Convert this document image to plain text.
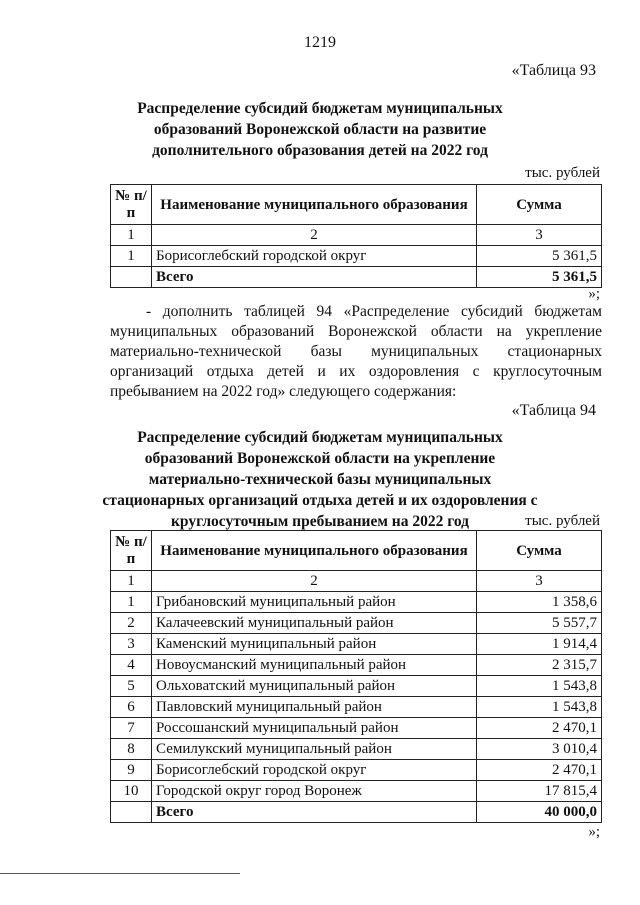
1219
«Таблица 93
Распределение субсидий бюджетам муниципальных образований Воронежской области на развитие дополнительного образования детей на 2022 год
тыс. рублей
№ п/п	Наименование муниципального образования	Сумма
1	2	3
1	Борисоглебский городской округ	5 361,5
	Всего	5 361,5
»;
- дополнить таблицей 94 «Распределение субсидий бюджетам муниципальных образований Воронежской области на укрепление материально-технической базы муниципальных стационарных организаций отдыха детей и их оздоровления с круглосуточным пребыванием на 2022 год» следующего содержания:
«Таблица 94
Распределение субсидий бюджетам муниципальных образований Воронежской области на укрепление материально-технической базы муниципальных стационарных организаций отдыха детей и их оздоровления с круглосуточным пребыванием на 2022 год	тыс. рублей
№ п/п	Наименование муниципального образования	Сумма
1	2	3
1	Грибановский муниципальный район	1 358,6
2	Калачеевский муниципальный район	5 557,7
3	Каменский муниципальный район	1 914,4
4	Новоусманский муниципальный район	2 315,7
5	Ольховатский муниципальный район	1 543,8
6	Павловский муниципальный район	1 543,8
7	Россошанский муниципальный район	2 470,1
8	Семилукский муниципальный район	3 010,4
9	Борисоглебский городской округ	2 470,1
10	Городской округ город Воронеж	17 815,4
	Всего	40 000,0
»;
